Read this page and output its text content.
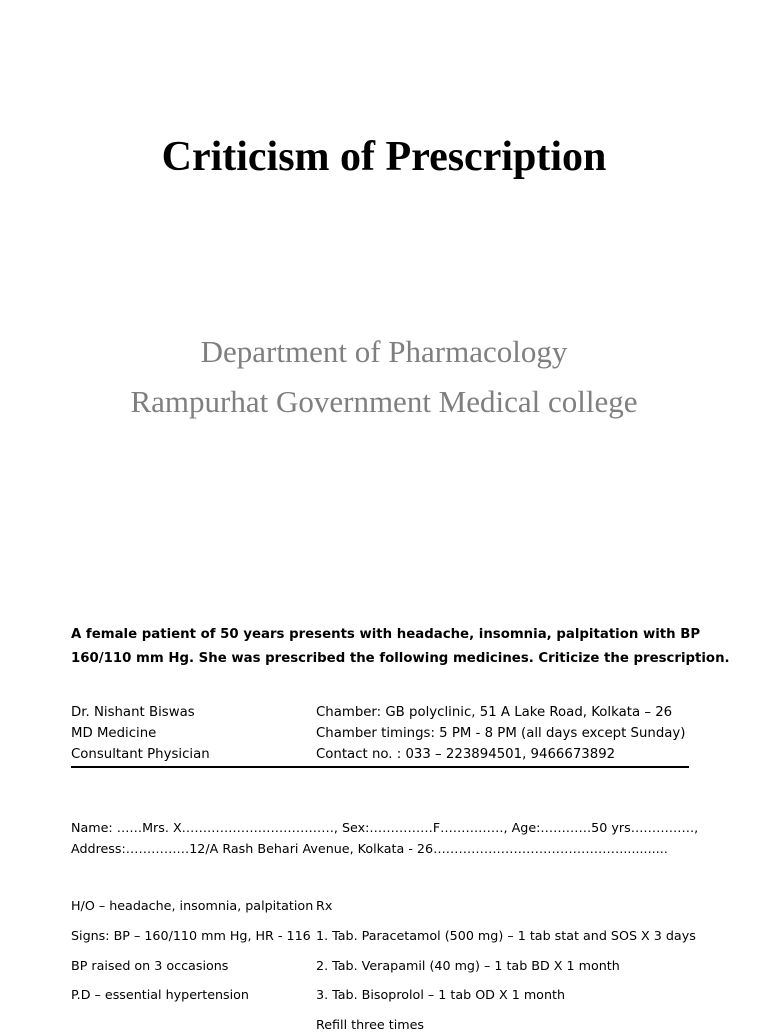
Criticism of Prescription
Department of Pharmacology
Rampurhat Government Medical college
A female patient of 50 years presents with headache, insomnia, palpitation with BP
160/110 mm Hg. She was prescribed the following medicines. Criticize the prescription.
Dr. Nishant Biswas
MD Medicine
Consultant Physician
Chamber: GB polyclinic, 51 A Lake Road, Kolkata – 26
Chamber timings: 5 PM - 8 PM (all days except Sunday)
Contact no. : 033 – 223894501, 9466673892
Name: ……Mrs. X………………………………, Sex:……………F……………, Age:…………50 yrs……………,
Address:……………12/A Rash Behari Avenue, Kolkata - 26………………………………………...........
H/O – headache, insomnia, palpitation
Signs: BP – 160/110 mm Hg, HR - 116
BP raised on 3 occasions
P.D – essential hypertension
Rx
1. Tab. Paracetamol (500 mg) – 1 tab stat and SOS X 3 days
2. Tab. Verapamil (40 mg) – 1 tab BD X 1 month
3. Tab. Bisoprolol – 1 tab OD X 1 month
Refill three times
